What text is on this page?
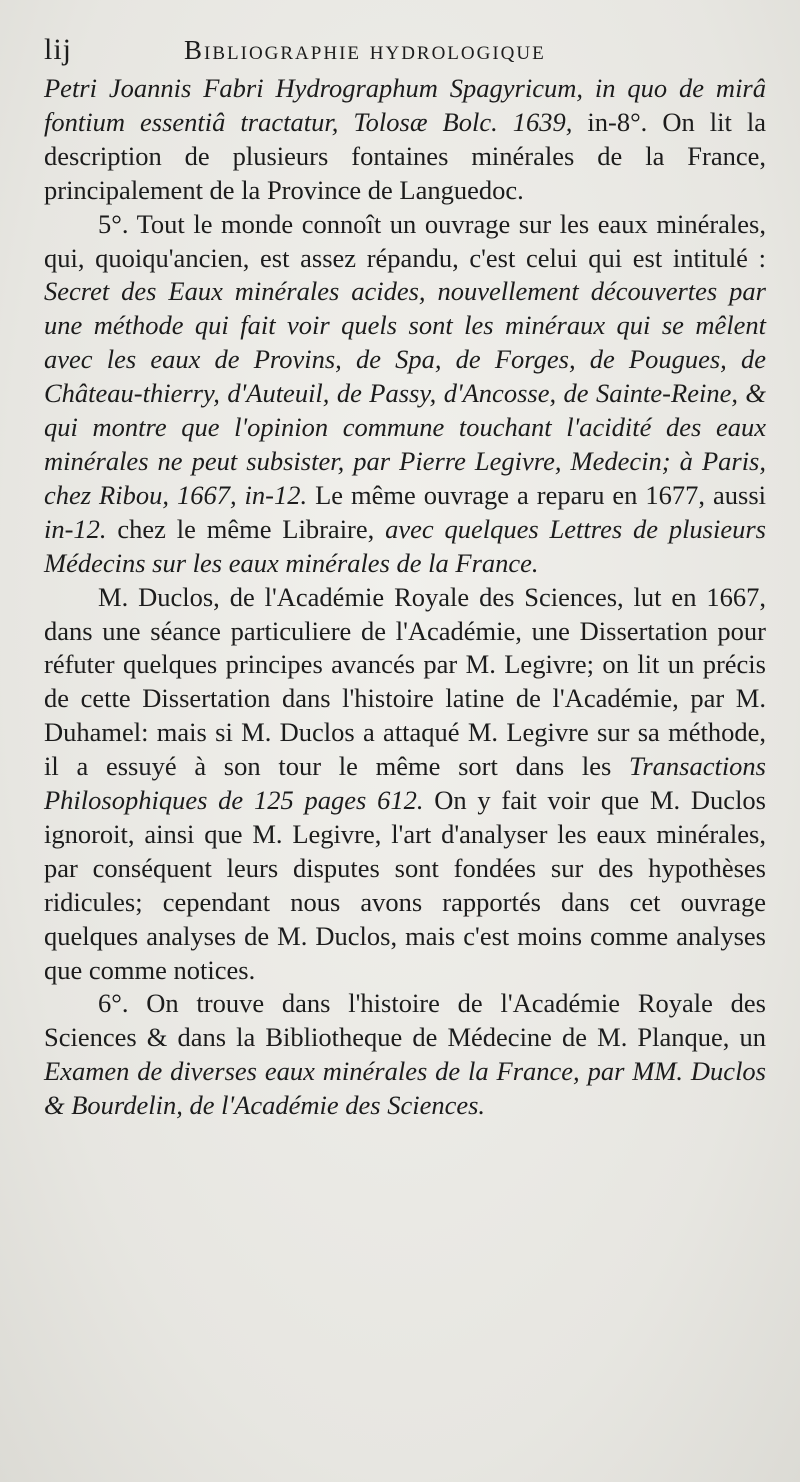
lij	Bibliographie hydrologique

Petri Joannis Fabri Hydrographum Spagyricum, in quo de mirâ fontium essentiâ tractatur, Tolosæ Bolc. 1639, in-8°. On lit la description de plusieurs fontaines minérales de la France, principalement de la Province de Languedoc.

5°. Tout le monde connoît un ouvrage sur les eaux minérales, qui, quoiqu'ancien, est assez répandu, c'est celui qui est intitulé : Secret des Eaux minérales acides, nouvellement découvertes par une méthode qui fait voir quels sont les minéraux qui se mêlent avec les eaux de Provins, de Spa, de Forges, de Pougues, de Château-thierry, d'Auteuil, de Passy, d'Ancosse, de Sainte-Reine, & qui montre que l'opinion commune touchant l'acidité des eaux minérales ne peut subsister, par Pierre Legivre, Medecin; à Paris, chez Ribou, 1667, in-12. Le même ouvrage a reparu en 1677, aussi in-12. chez le même Libraire, avec quelques Lettres de plusieurs Médecins sur les eaux minérales de la France.

M. Duclos, de l'Académie Royale des Sciences, lut en 1667, dans une séance particuliere de l'Académie, une Dissertation pour réfuter quelques principes avancés par M. Legivre; on lit un précis de cette Dissertation dans l'histoire latine de l'Académie, par M. Duhamel: mais si M. Duclos a attaqué M. Legivre sur sa méthode, il a essuyé à son tour le même sort dans les Transactions Philosophiques de 125 pages 612. On y fait voir que M. Duclos ignoroit, ainsi que M. Legivre, l'art d'analyser les eaux minérales, par conséquent leurs disputes sont fondées sur des hypothèses ridicules; cependant nous avons rapportés dans cet ouvrage quelques analyses de M. Duclos, mais c'est moins comme analyses que comme notices.

6°. On trouve dans l'histoire de l'Académie Royale des Sciences & dans la Bibliotheque de Médecine de M. Planque, un Examen de diverses eaux minérales de la France, par MM. Duclos & Bourdelin, de l'Académie des Sciences.
